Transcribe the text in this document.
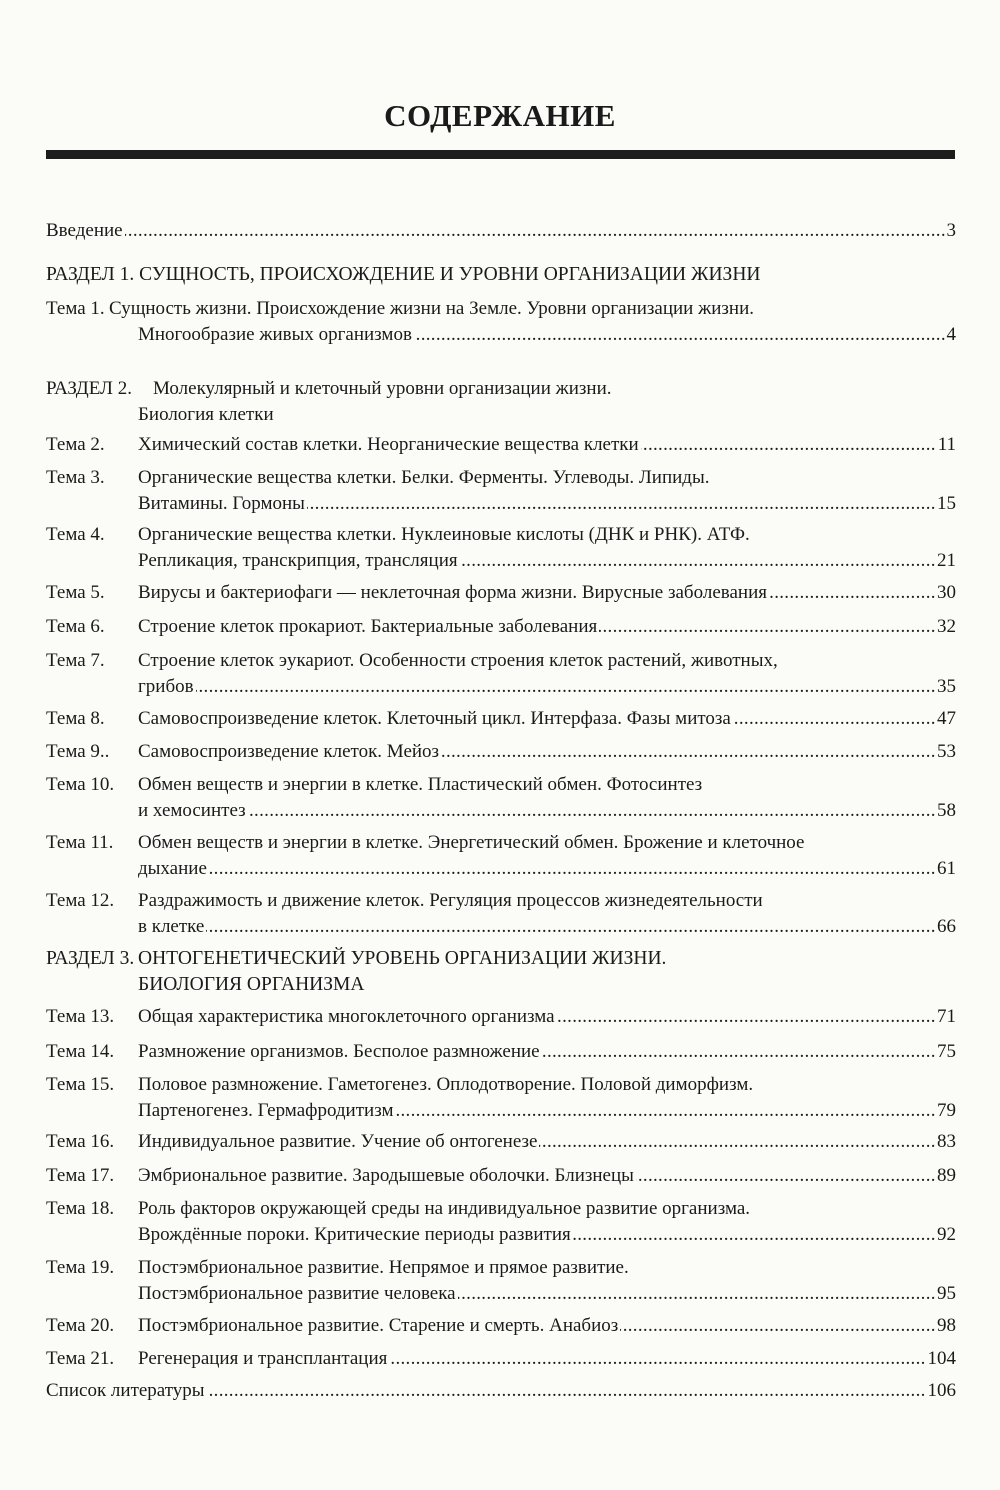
СОДЕРЖАНИЕ
.....
Введение	3
РАЗДЕЛ 1. СУЩНОСТЬ, ПРОИСХОЖДЕНИЕ И УРОВНИ ОРГАНИЗАЦИИ ЖИЗНИ
Тема 1. Сущность жизни. Происхождение жизни на Земле. Уровни организации жизни.
.....
Многообразие живых организмов	4
РАЗДЕЛ 2. Молекулярный и клеточный уровни организации жизни.
Биология клетки
Тема 2. ..... Химический состав клетки. Неорганические вещества клетки	11
Тема 3. Органические вещества клетки. Белки. Ферменты. Углеводы. Липиды.
.....
Витамины. Гормоны	15
Тема 4. Органические вещества клетки. Нуклеиновые кислоты (ДНК и РНК). АТФ.
.....
Репликация, транскрипция, трансляция	21
Тема 5. ..... Вирусы и бактериофаги — неклеточная форма жизни. Вирусные заболевания	30
Тема 6. ..... Строение клеток прокариот. Бактериальные заболевания	32
Тема 7. Строение клеток эукариот. Особенности строения клеток растений, животных,
.....
грибов	35
Тема 8. ..... Самовоспроизведение клеток. Клеточный цикл. Интерфаза. Фазы митоза	47
Тема 9.. ..... Самовоспроизведение клеток. Мейоз	53
Тема 10. Обмен веществ и энергии в клетке. Пластический обмен. Фотосинтез
.....
и хемосинтез	58
Тема 11. Обмен веществ и энергии в клетке. Энергетический обмен. Брожение и клеточное
.....
дыхание	61
Тема 12. Раздражимость и движение клеток. Регуляция процессов жизнедеятельности
.....
в клетке	66
РАЗДЕЛ 3. ОНТОГЕНЕТИЧЕСКИЙ УРОВЕНЬ ОРГАНИЗАЦИИ ЖИЗНИ.
БИОЛОГИЯ ОРГАНИЗМА
Тема 13. ..... Общая характеристика многоклеточного организма	71
Тема 14. ..... Размножение организмов. Бесполое размножение	75
Тема 15. Половое размножение. Гаметогенез. Оплодотворение. Половой диморфизм.
.....
Партеногенез. Гермафродитизм	79
Тема 16. ..... Индивидуальное развитие. Учение об онтогенезе	83
Тема 17. ..... Эмбриональное развитие. Зародышевые оболочки. Близнецы	89
Тема 18. Роль факторов окружающей среды на индивидуальное развитие организма.
.....
Врождённые пороки. Критические периоды развития	92
Тема 19. Постэмбриональное развитие. Непрямое и прямое развитие.
.....
Постэмбриональное развитие человека	95
Тема 20. ..... Постэмбриональное развитие. Старение и смерть. Анабиоз	98
Тема 21. ..... Регенерация и трансплантация	104
.....
Список литературы	106
